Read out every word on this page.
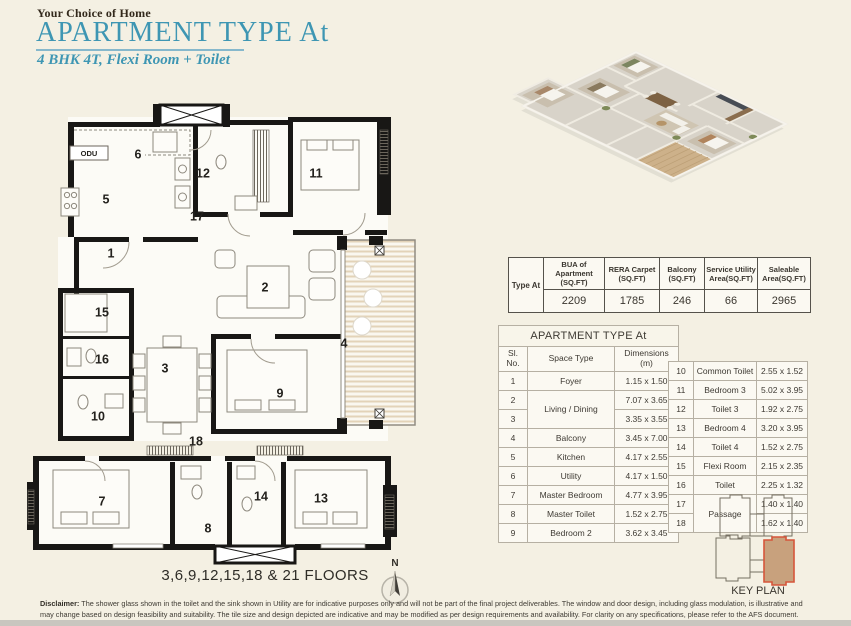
Your Choice of Home
APARTMENT TYPE At
4 BHK 4T, Flexi Room + Toilet
1
2
3
4
5
6
7
8
9
10
11
12
13
14
15
16
17
18
ODU
Type At	BUA of Apartment (SQ.FT)	RERA Carpet (SQ.FT)	Balcony (SQ.FT)	Service Utility Area(SQ.FT)	Saleable Area(SQ.FT)
	2209	1785	246	66	2965
APARTMENT TYPE At		
Sl. No.	Space Type	Dimensions (m)
1	Foyer	1.15 x 1.50
2	Living / Dining	7.07 x 3.65
3		3.35 x 3.55
4	Balcony	3.45 x 7.00
5	Kitchen	4.17 x 2.55
6	Utility	4.17 x 1.50
7	Master Bedroom	4.77 x 3.95
8	Master Toilet	1.52 x 2.75
9	Bedroom 2	3.62 x 3.45
10	Common Toilet	2.55 x 1.52
11	Bedroom 3	5.02 x 3.95
12	Toilet 3	1.92 x 2.75
13	Bedroom 4	3.20 x 3.95
14	Toilet 4	1.52 x 2.75
15	Flexi Room	2.15 x 2.35
16	Toilet	2.25 x 1.32
17	Passage	1.40 x 1.40
18		1.62 x 1.40
3,6,9,12,15,18 & 21 FLOORS
N
KEY PLAN
Disclaimer: The shower glass shown in the toilet and the sink shown in Utility are for indicative purposes only and will not be part of the final project deliverables. The window and door design, including glass modulation, is illustrative and may change based on design feasibility and suitability. The tile size and design depicted are indicative and may be modified as per design requirements and availability. For clarity on any specifications, please refer to the AFS document.
